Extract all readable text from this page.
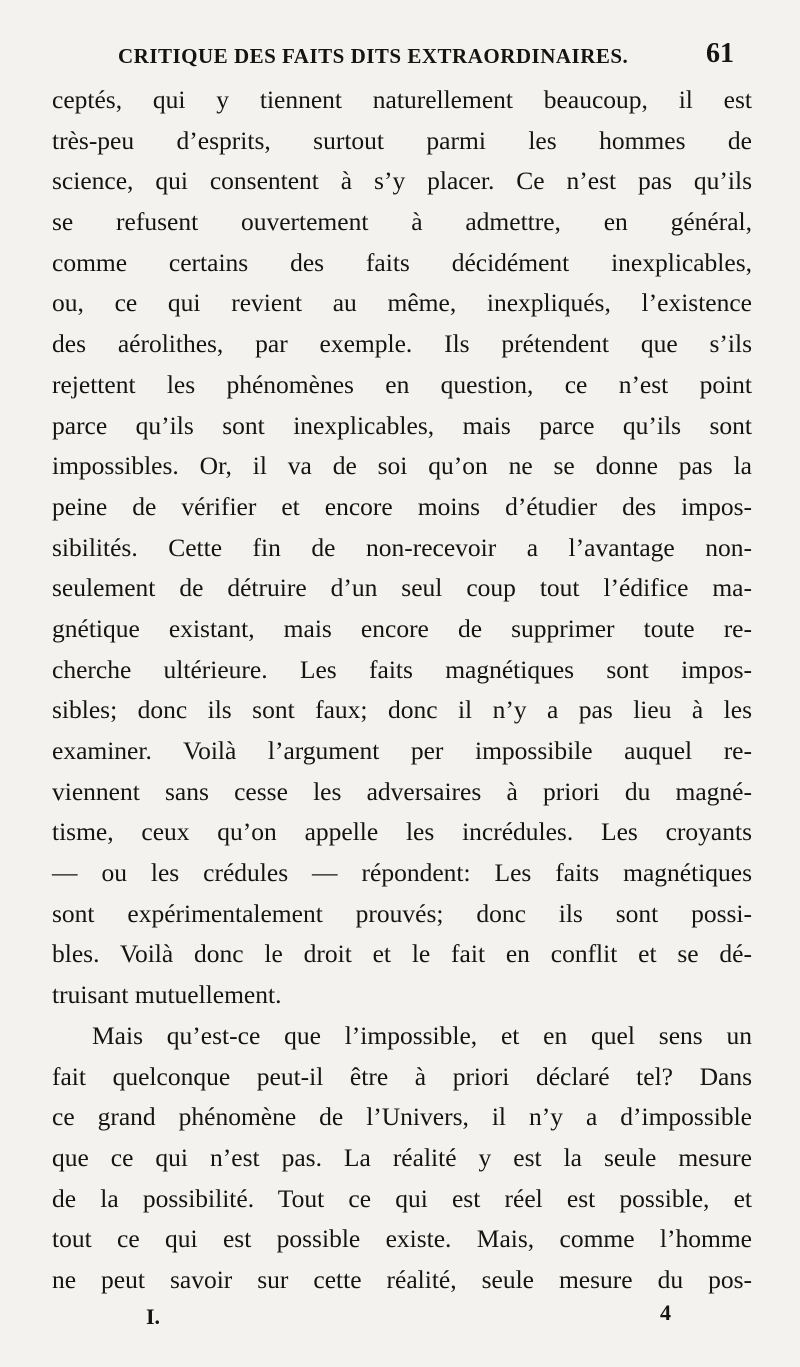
CRITIQUE DES FAITS DITS EXTRAORDINAIRES.	61
ceptés, qui y tiennent naturellement beaucoup, il est
très-peu d’esprits, surtout parmi les hommes de
science, qui consentent à s’y placer. Ce n’est pas qu’ils
se refusent ouvertement à admettre, en général,
comme certains des faits décidément inexplicables,
ou, ce qui revient au même, inexpliqués, l’existence
des aérolithes, par exemple. Ils prétendent que s’ils
rejettent les phénomènes en question, ce n’est point
parce qu’ils sont inexplicables, mais parce qu’ils sont
impossibles. Or, il va de soi qu’on ne se donne pas la
peine de vérifier et encore moins d’étudier des impos-
sibilités. Cette fin de non-recevoir a l’avantage non-
seulement de détruire d’un seul coup tout l’édifice ma-
gnétique existant, mais encore de supprimer toute re-
cherche ultérieure. Les faits magnétiques sont impos-
sibles; donc ils sont faux; donc il n’y a pas lieu à les
examiner. Voilà l’argument per impossibile auquel re-
viennent sans cesse les adversaires à priori du magné-
tisme, ceux qu’on appelle les incrédules. Les croyants
— ou les crédules — répondent: Les faits magnétiques
sont expérimentalement prouvés; donc ils sont possi-
bles. Voilà donc le droit et le fait en conflit et se dé-
truisant mutuellement.
Mais qu’est-ce que l’impossible, et en quel sens un
fait quelconque peut-il être à priori déclaré tel? Dans
ce grand phénomène de l’Univers, il n’y a d’impossible
que ce qui n’est pas. La réalité y est la seule mesure
de la possibilité. Tout ce qui est réel est possible, et
tout ce qui est possible existe. Mais, comme l’homme
ne peut savoir sur cette réalité, seule mesure du pos-
I.	4
